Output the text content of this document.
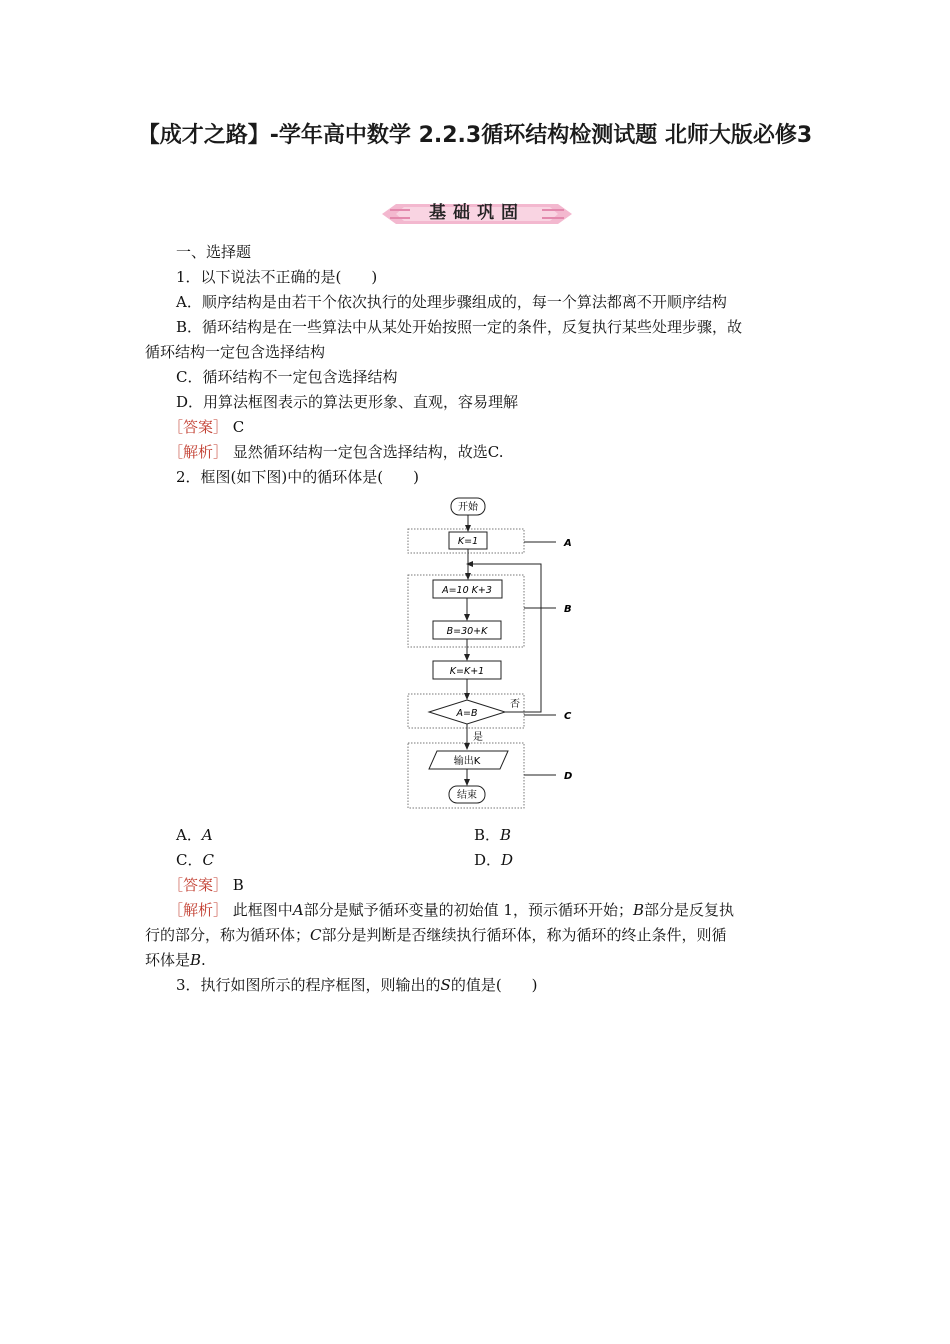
【成才之路】-学年高中数学 2.2.3循环结构检测试题 北师大版必修3
基础巩固
一、选择题
1．以下说法不正确的是(　　)
A．顺序结构是由若干个依次执行的处理步骤组成的，每一个算法都离不开顺序结构
B．循环结构是在一些算法中从某处开始按照一定的条件，反复执行某些处理步骤，故
循环结构一定包含选择结构
C．循环结构不一定包含选择结构
D．用算法框图表示的算法更形象、直观，容易理解
［答案］ C
［解析］ 显然循环结构一定包含选择结构，故选C.
2．框图(如下图)中的循环体是(　　)
A
B
C
D
开始
K=1
A=10 K+3
B=30+K
K=K+1
A=B
否
是
输出K
结束
A．A	B．B
C．C	D．D
［答案］ B
［解析］ 此框图中A部分是赋予循环变量的初始值 1，预示循环开始；B部分是反复执
行的部分，称为循环体；C部分是判断是否继续执行循环体，称为循环的终止条件，则循
环体是B.
3．执行如图所示的程序框图，则输出的S的值是(　　)
